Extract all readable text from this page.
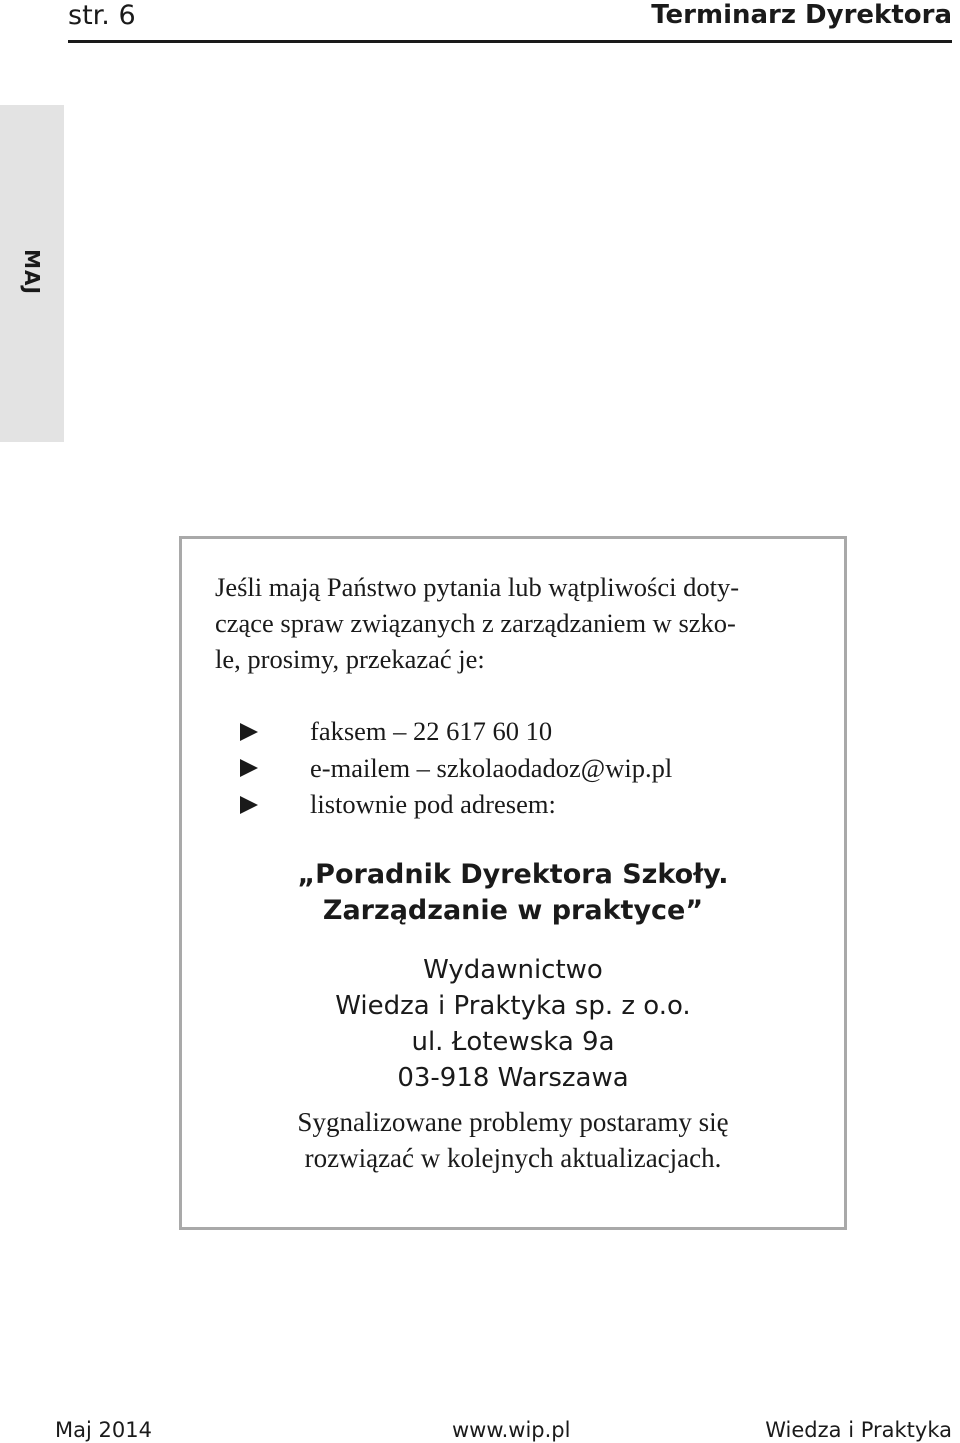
str. 6	Terminarz Dyrektora
MAJ
Jeśli mają Państwo pytania lub wątpliwości doty-
czące spraw związanych z zarządzaniem w szko-
le, prosimy, przekazać je:
faksem – 22 617 60 10
e-mailem – szkolaodadoz@wip.pl
listownie pod adresem:
„Poradnik Dyrektora Szkoły.
Zarządzanie w praktyce”
Wydawnictwo
Wiedza i Praktyka sp. z o.o.
ul. Łotewska 9a
03-918 Warszawa
Sygnalizowane problemy postaramy się
rozwiązać w kolejnych aktualizacjach.
Maj 2014	www.wip.pl	Wiedza i Praktyka
